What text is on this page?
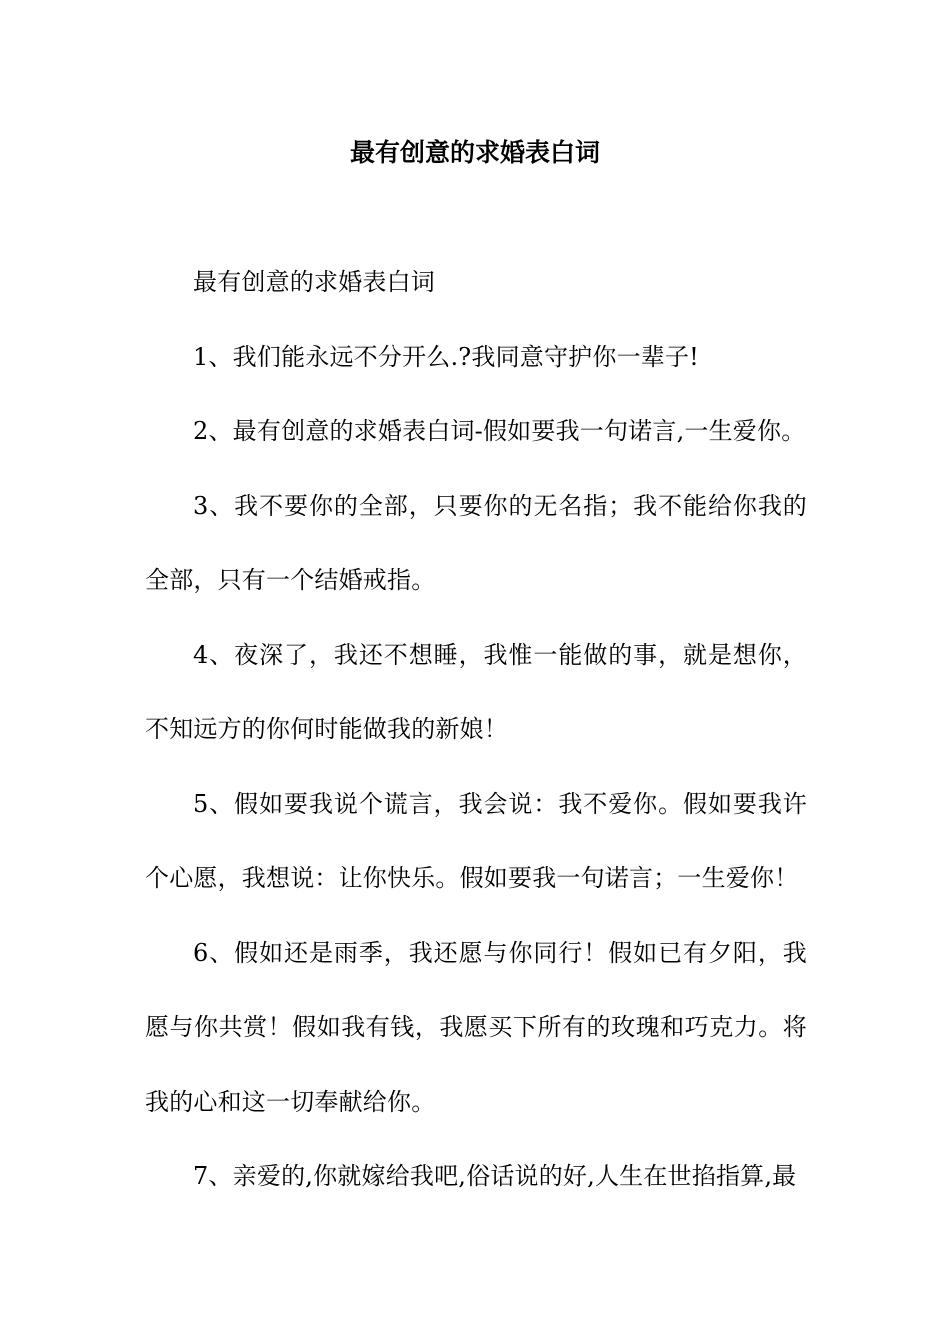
最有创意的求婚表白词

最有创意的求婚表白词

1、我们能永远不分开么.?我同意守护你一辈子!

2、最有创意的求婚表白词-假如要我一句诺言,一生爱你。

3、我不要你的全部，只要你的无名指；我不能给你我的全部，只有一个结婚戒指。

4、夜深了，我还不想睡，我惟一能做的事，就是想你，不知远方的你何时能做我的新娘！

5、假如要我说个谎言，我会说：我不爱你。假如要我许个心愿，我想说：让你快乐。假如要我一句诺言；一生爱你！

6、假如还是雨季，我还愿与你同行！假如已有夕阳，我愿与你共赏！假如我有钱，我愿买下所有的玫瑰和巧克力。将我的心和这一切奉献给你。

7、亲爱的,你就嫁给我吧,俗话说的好,人生在世掐指算,最
